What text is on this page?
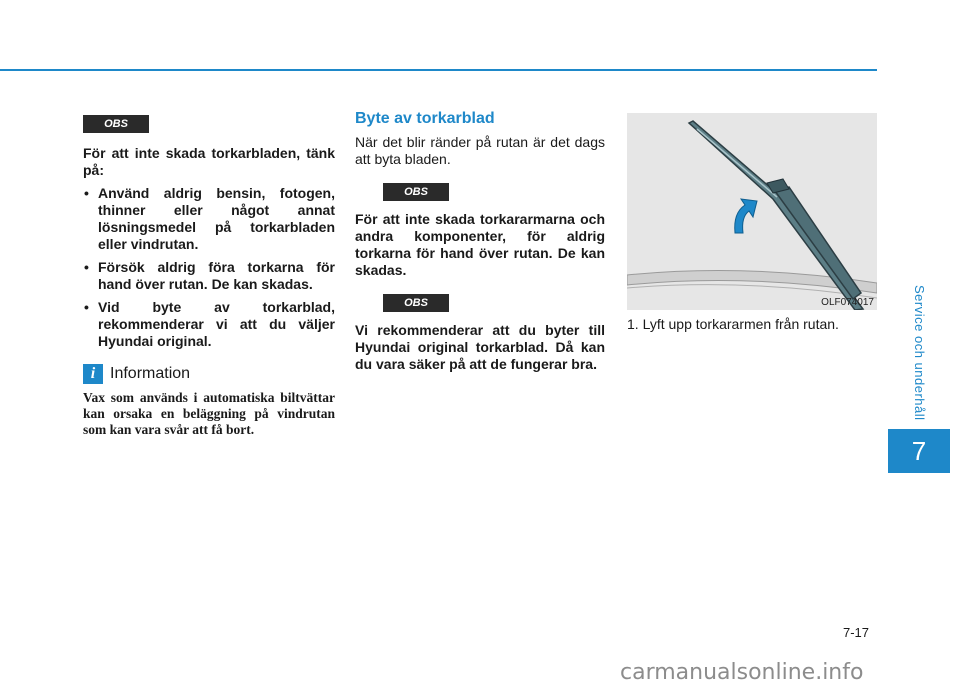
Service och underhåll
7
OBS

För att inte skada torkarbladen, tänk på:

• Använd aldrig bensin, fotogen, thinner eller något annat lösningsmedel på torkarbladen eller vindrutan.
• Försök aldrig föra torkarna för hand över rutan. De kan skadas.
• Vid byte av torkarblad, rekommenderar vi att du väljer Hyundai original.
i Information
Vax som används i automatiska biltvättar kan orsaka en beläggning på vindrutan som kan vara svår att få bort.
Byte av torkarblad

När det blir ränder på rutan är det dags att byta bladen.

OBS

För att inte skada torkararmarna och andra komponenter, för aldrig torkarna för hand över rutan. De kan skadas.

OBS

Vi rekommenderar att du byter till Hyundai original torkarblad. Då kan du vara säker på att de fungerar bra.

OLF074017
1. Lyft upp torkararmen från rutan.
7-17
carmanualsonline.info
